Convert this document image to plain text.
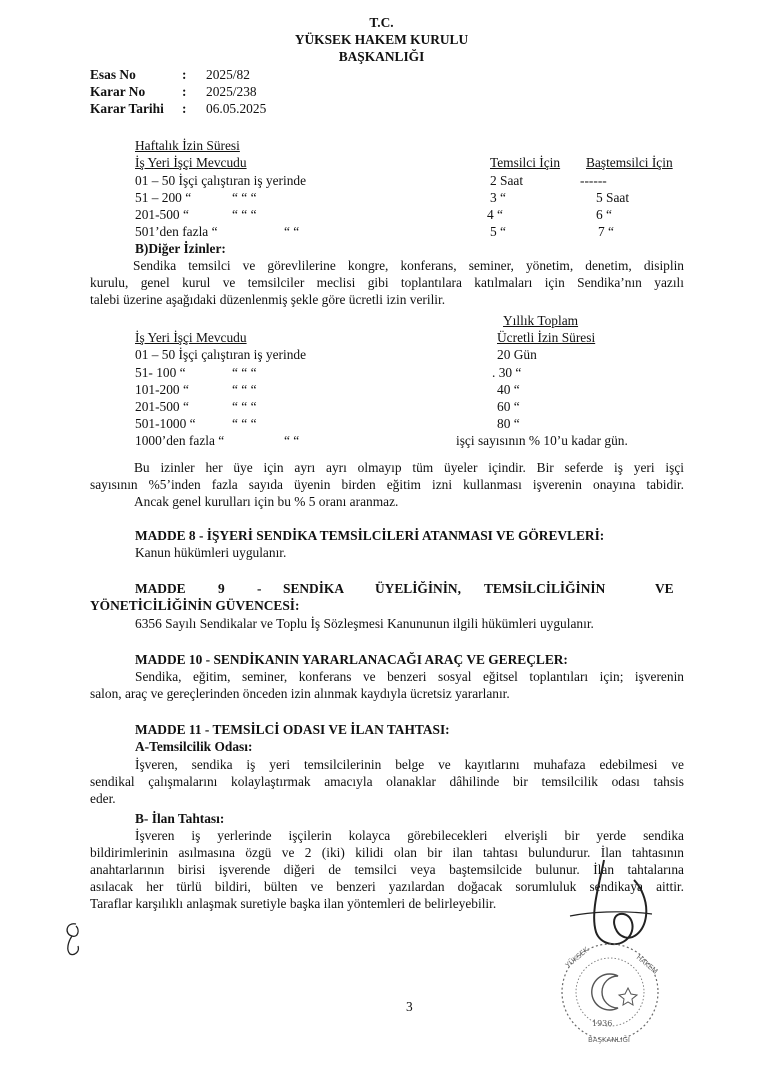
T.C.
YÜKSEK HAKEM KURULU
BAŞKANLIĞI
Esas No	: 2025/82
Karar No	: 2025/238
Karar Tarihi : 06.05.2025
Haftalık İzin Süresi
İş Yeri İşçi Mevcudu	Temsilci İçin Baştemsilci İçin
01 – 50 İşçi çalıştıran iş yerinde	2 Saat	------
51 – 200 “	“ “ “	3 “	5 Saat
201-500 “	“ “ “	4 “	6 “
501’den fazla “	“ “	5 “	7 “
B)Diğer İzinler:
Sendika temsilci ve görevlilerine kongre, konferans, seminer, yönetim, denetim, disiplin
kurulu, genel kurul ve temsilciler meclisi gibi toplantılara katılmaları için Sendika’nın yazılı
talebi üzerine aşağıdaki düzenlenmiş şekle göre ücretli izin verilir.
Yıllık Toplam
İş Yeri İşçi Mevcudu	Ücretli İzin Süresi
01 – 50 İşçi çalıştıran iş yerinde	20 Gün
51- 100 “	“ “ “	. 30 “
101-200 “	“ “ “	40 “
201-500 “	“ “ “	60 “
501-1000 “	“ “ “	80 “
1000’den fazla “	“ “	işçi sayısının % 10’u kadar gün.
Bu izinler her üye için ayrı ayrı olmayıp tüm üyeler içindir. Bir seferde iş yeri işçi
sayısının %5’inden fazla sayıda üyenin birden eğitim izni kullanması işverenin onayına tabidir.
Ancak genel kurulları için bu % 5 oranı aranmaz.
MADDE 8 - İŞYERİ SENDİKA TEMSİLCİLERİ ATANMASI VE GÖREVLERİ:
Kanun hükümleri uygulanır.
MADDE 9 - SENDİKA ÜYELİĞİNİN, TEMSİLCİLİĞİNİN	VE
YÖNETİCİLİĞİNİN GÜVENCESİ:
6356 Sayılı Sendikalar ve Toplu İş Sözleşmesi Kanununun ilgili hükümleri uygulanır.
MADDE 10 - SENDİKANIN YARARLANACAĞI ARAÇ VE GEREÇLER:
Sendika, eğitim, seminer, konferans ve benzeri sosyal eğitsel toplantıları için; işverenin
salon, araç ve gereçlerinden önceden izin alınmak kaydıyla ücretsiz yararlanır.
MADDE 11 - TEMSİLCİ ODASI VE İLAN TAHTASI:
A-Temsilcilik Odası:
İşveren, sendika iş yeri temsilcilerinin belge ve kayıtlarını muhafaza edebilmesi ve
sendikal çalışmalarını kolaylaştırmak amacıyla olanaklar dâhilinde bir temsilcilik odası tahsis
eder.
B- İlan Tahtası:
İşveren iş yerlerinde işçilerin kolayca görebilecekleri elverişli bir yerde sendika
bildirimlerinin asılmasına özgü ve 2 (iki) kilidi olan bir ilan tahtası bulundurur. İlan tahtasının
anahtarlarının birisi işverende diğeri de temsilci veya baştemsilcide bulunur. İlan tahtalarına
asılacak her türlü bildiri, bülten ve benzeri yazılardan doğacak sorumluluk sendikaya aittir.
Taraflar karşılıklı anlaşmak suretiyle başka ilan yöntemleri de belirleyebilir.
1936
YÜKSEK	HAKEM
BAŞKANLIĞI
3
